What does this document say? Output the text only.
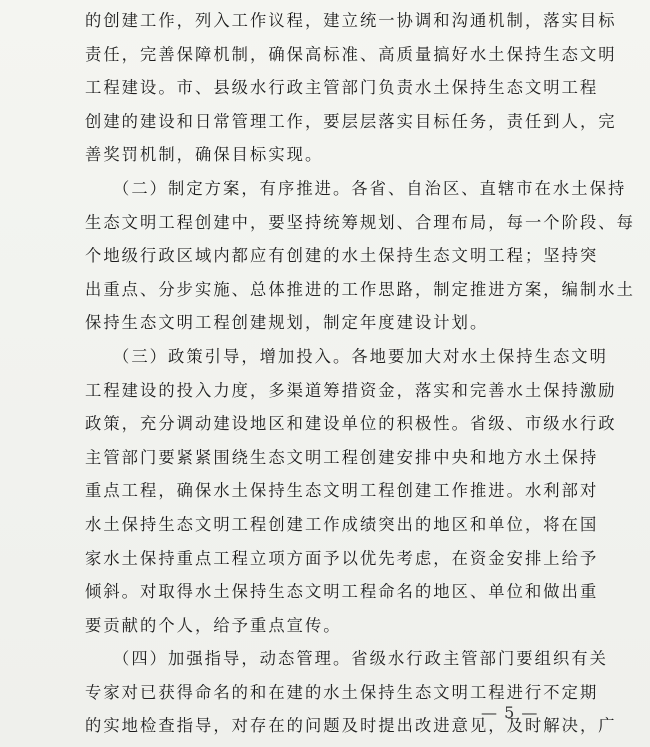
的创建工作，列入工作议程，建立统一协调和沟通机制，落实目标
责任，完善保障机制，确保高标准、高质量搞好水土保持生态文明
工程建设。市、县级水行政主管部门负责水土保持生态文明工程
创建的建设和日常管理工作，要层层落实目标任务，责任到人，完
善奖罚机制，确保目标实现。
（二）制定方案，有序推进。各省、自治区、直辖市在水土保持
生态文明工程创建中，要坚持统筹规划、合理布局，每一个阶段、每
个地级行政区域内都应有创建的水土保持生态文明工程；坚持突
出重点、分步实施、总体推进的工作思路，制定推进方案，编制水土
保持生态文明工程创建规划，制定年度建设计划。
（三）政策引导，增加投入。各地要加大对水土保持生态文明
工程建设的投入力度，多渠道筹措资金，落实和完善水土保持激励
政策，充分调动建设地区和建设单位的积极性。省级、市级水行政
主管部门要紧紧围绕生态文明工程创建安排中央和地方水土保持
重点工程，确保水土保持生态文明工程创建工作推进。水利部对
水土保持生态文明工程创建工作成绩突出的地区和单位，将在国
家水土保持重点工程立项方面予以优先考虑，在资金安排上给予
倾斜。对取得水土保持生态文明工程命名的地区、单位和做出重
要贡献的个人，给予重点宣传。
（四）加强指导，动态管理。省级水行政主管部门要组织有关
专家对已获得命名的和在建的水土保持生态文明工程进行不定期
的实地检查指导，对存在的问题及时提出改进意见，及时解决，广
— 5 —
